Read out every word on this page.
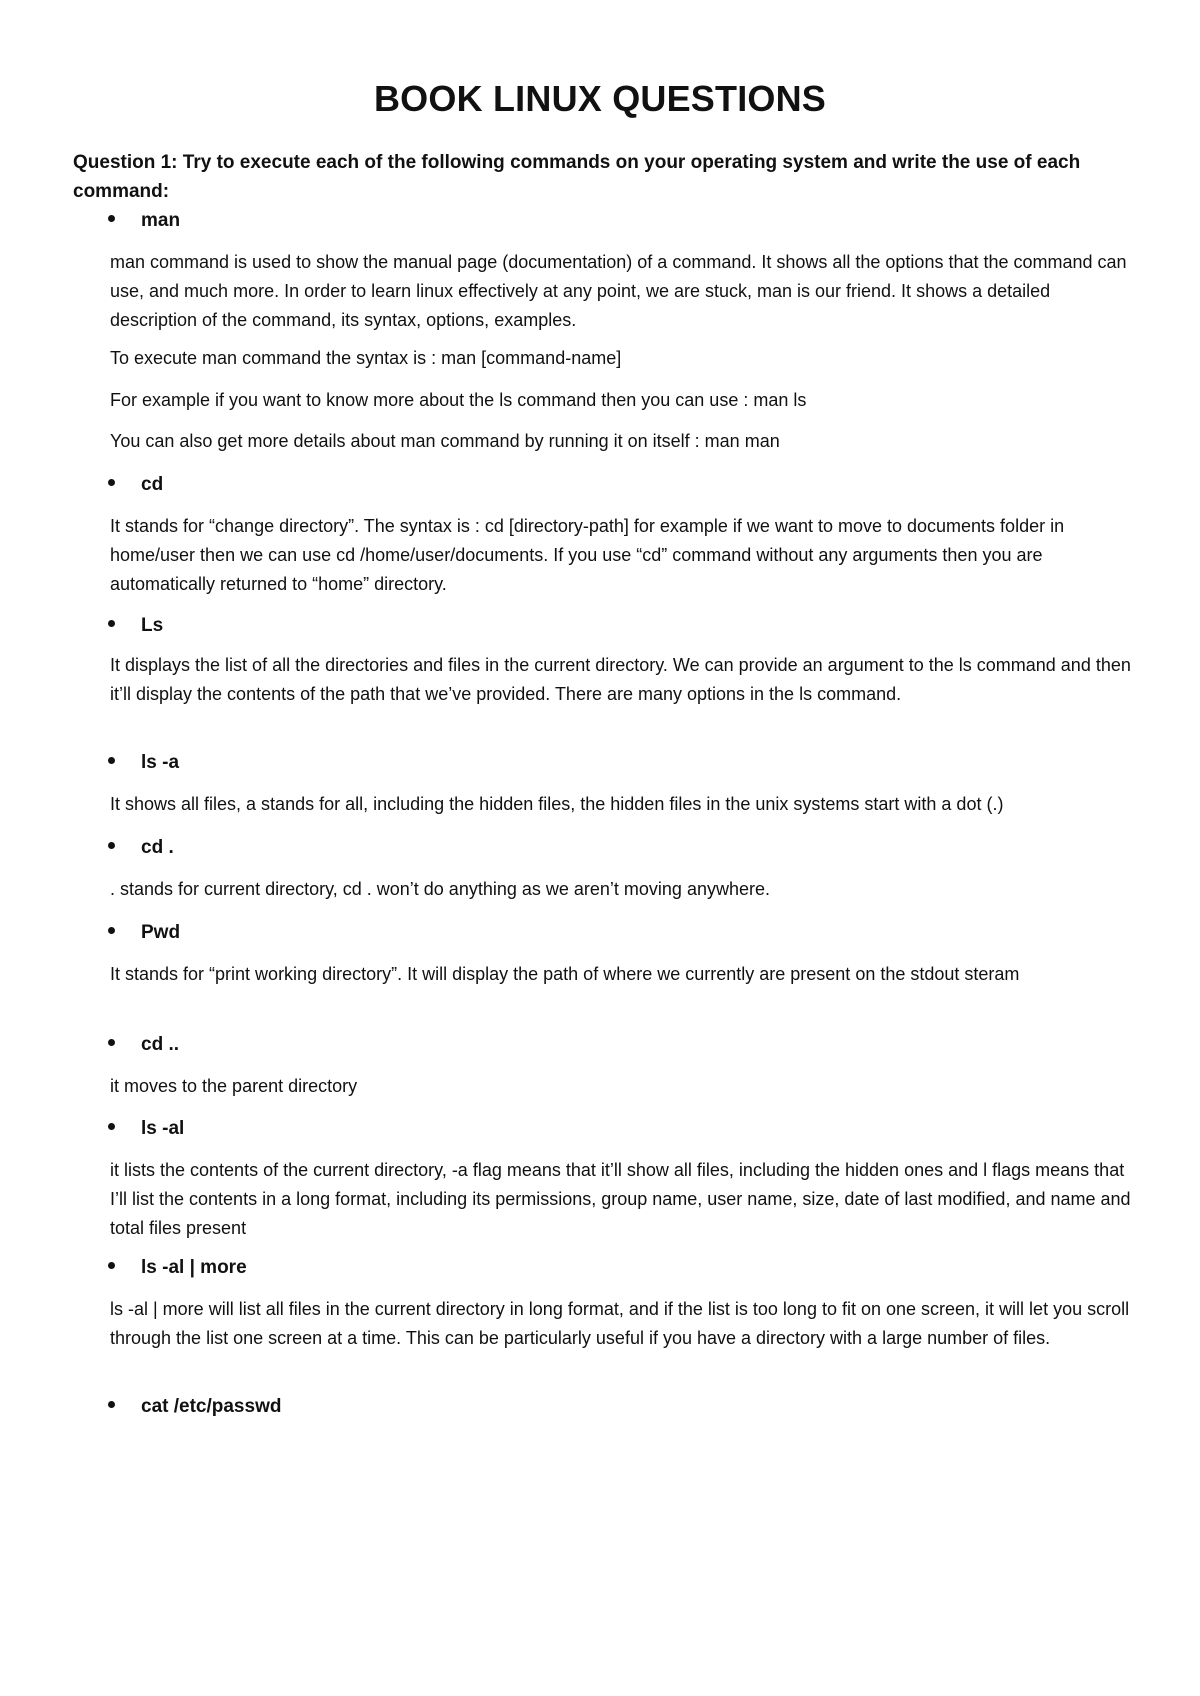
BOOK LINUX QUESTIONS

Question 1: Try to execute each of the following commands on your operating system and write the use of each command:

man

man command is used to show the manual page (documentation) of a command. It shows all the options that the command can use, and much more. In order to learn linux effectively at any point, we are stuck, man is our friend. It shows a detailed description of the command, its syntax, options, examples.

To execute man command the syntax is : man [command-name]

For example if you want to know more about the ls command then you can use : man ls

You can also get more details about man command by running it on itself : man man

cd

It stands for “change directory”. The syntax is : cd [directory-path] for example if we want to move to documents folder in home/user then we can use cd /home/user/documents. If you use “cd” command without any arguments then you are automatically returned to “home” directory.

Ls

It displays the list of all the directories and files in the current directory. We can provide an argument to the ls command and then it’ll display the contents of the path that we’ve provided. There are many options in the ls command.

ls -a

It shows all files, a stands for all, including the hidden files, the hidden files in the unix systems start with a dot (.)

cd .

. stands for current directory, cd . won’t do anything as we aren’t moving anywhere.

Pwd

It stands for “print working directory”. It will display the path of where we currently are present on the stdout steram

cd ..

it moves to the parent directory

ls -al

it lists the contents of the current directory, -a flag means that it’ll show all files, including the hidden ones and l flags means that I’ll list the contents in a long format, including its permissions, group name, user name, size, date of last modified, and name and total files present

ls -al | more

ls -al | more will list all files in the current directory in long format, and if the list is too long to fit on one screen, it will let you scroll through the list one screen at a time. This can be particularly useful if you have a directory with a large number of files.

cat /etc/passwd
